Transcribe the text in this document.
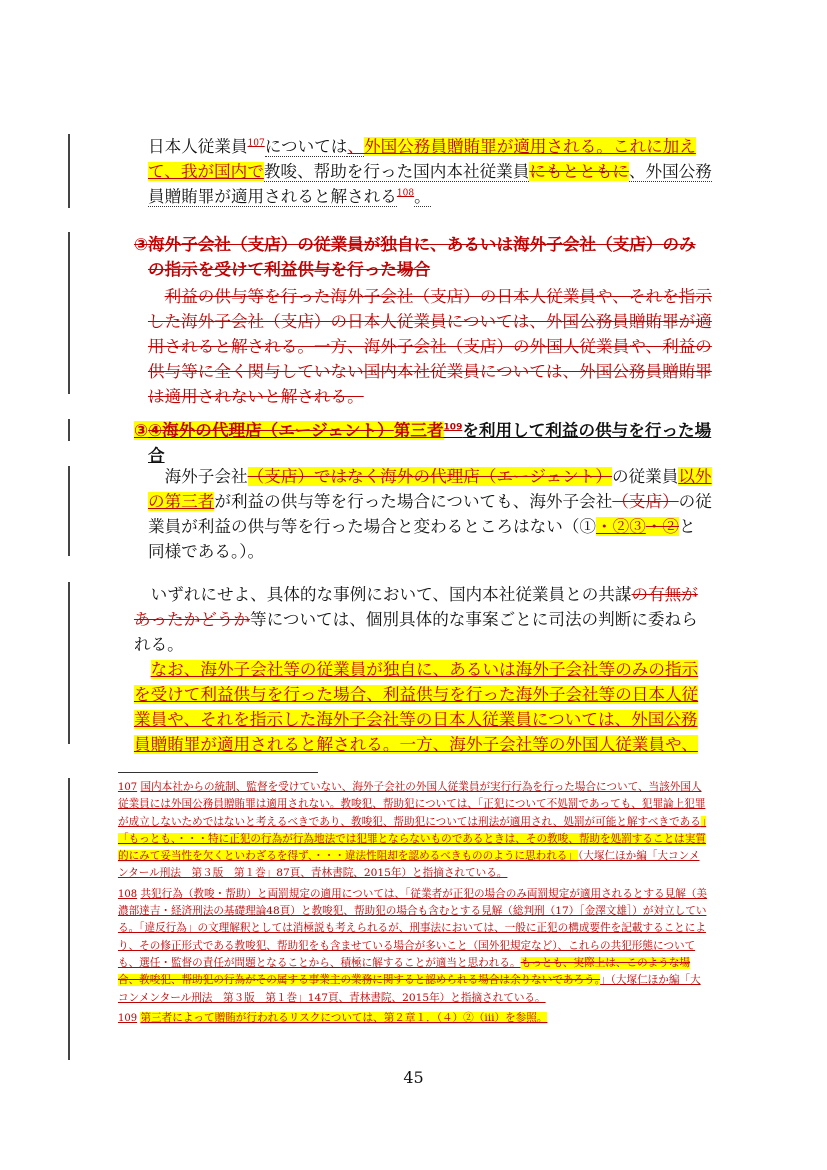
日本人従業員$^{107}$については、外国公務員贈賄罪が適用される。これに加えて、我が国内で教唆、帮助を行った国内本社従業員にもとともに、外国公務員贈賄罪が適用されると解される$^{108}$。

③海外子会社（支店）の従業員が独自に、あるいは海外子会社（支店）のみの指示を受けて利益供与を行った場合

利益の供与等を行った海外子会社（支店）の日本人従業員や、それを指示した海外子会社（支店）の日本人従業員については、外国公務員贈賄罪が適用されると解される。一方、海外子会社（支店）の外国人従業員や、利益の供与等に全く関与していない国内本社従業員については、外国公務員贈賄罪は適用されないと解される。

③④海外の代理店（エージェント）第三者$^{109}$を利用して利益の供与を行った場合

海外子会社（支店）ではなく海外の代理店（エージェント）の従業員以外の第三者が利益の供与等を行った場合についても、海外子会社（支店）の従業員が利益の供与等を行った場合と変わるところはない（①・②③・②と同様である。）。

いずれにせよ、具体的な事例において、国内本社従業員との共謀の有無があったかどうか等については、個別具体的な事案ごとに司法の判断に委ねられる。

なお、海外子会社等の従業員が独自に、あるいは海外子会社等のみの指示を受けて利益供与を行った場合、利益供与を行った海外子会社等の日本人従業員や、それを指示した海外子会社等の日本人従業員については、外国公務員贈賄罪が適用されると解される。一方、海外子会社等の外国人従業員や、

107 国内本社からの統制、監督を受けていない、海外子会社の外国人従業員が実行行為を行った場合について、当該外国人従業員には外国公務員贈賄罪は適用されない。教唆犯、帮助犯については、「正犯について不処罰であっても、犯罪論上犯罪が成立しないためではないと考えるべきであり、教唆犯、帮助犯については刑法が適用され、処罰が可能と解すべきである」「もっとも、・・・特に正犯の行為が行為地法では犯罪とならないものであるときは、その教唆、帮助を処罰することは実質的にみて妥当性を欠くといわざるを得ず、・・・違法性阻却を認めるべきもののように思われる」（大塚仁ほか編「大コンメンタール刑法　第３版　第１巻」87頁、青林書院、2015年）と指摘されている。

108 共犯行為（教唆・帮助）と両罰規定の適用については、「従業者が正犯の場合のみ両罰規定が適用されるとする見解（美濃部達吉・経済刑法の基礎理論48頁）と教唆犯、帮助犯の場合も含むとする見解（総判刑（17）［金澤文雄］）が対立している。「違反行為」の文理解釈としては消極説も考えられるが、刑事法においては、一般に正犯の構成要件を記載することにより、その修正形式である教唆犯、帮助犯をも含ませている場合が多いこと（国外犯規定など）、これらの共犯形態についても、選任・監督の責任が問題となることから、積極に解することが適当と思われる。もっとも、実際上は、このような場合、教唆犯、帮助犯の行為がその属する事業主の業務に関すると認められる場合は余りないであろう。」（大塚仁ほか編「大コンメンタール刑法　第３版　第１巻」147頁、青林書院、2015年）と指摘されている。

109 第三者によって贈賄が行われるリスクについては、第２章１．（４）②（ⅲ）を参照。

45
